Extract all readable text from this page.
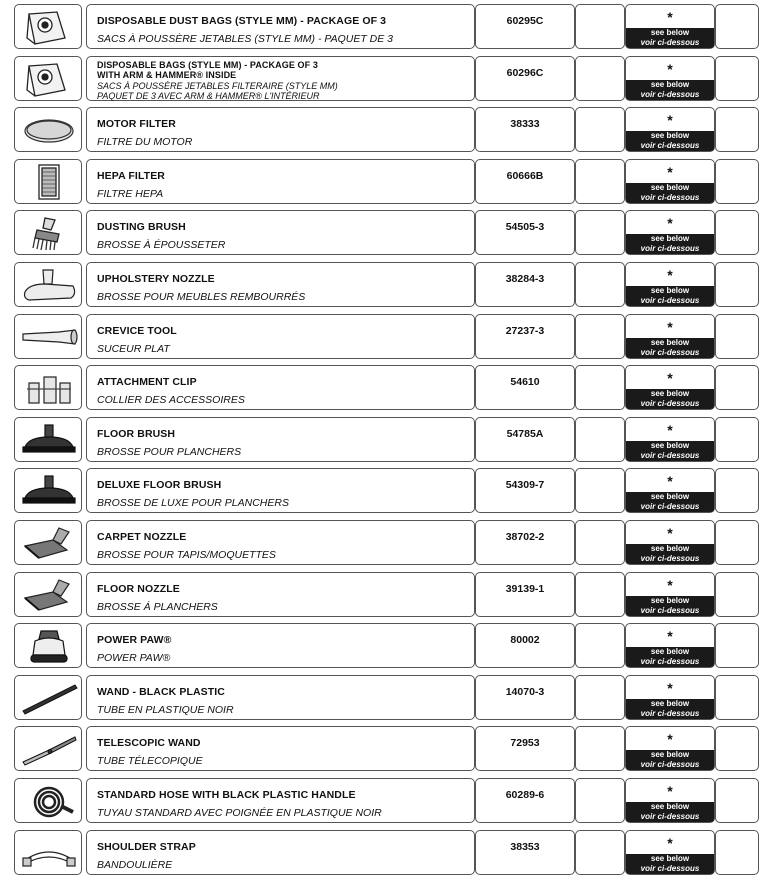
DISPOSABLE DUST BAGS (STYLE MM) - PACKAGE OF 3
SACS À POUSSÈRE JETABLES (STYLE MM) - PAQUET DE 3
60295C	*
see below
voir ci-dessous
DISPOSABLE BAGS (STYLE MM) - PACKAGE OF 3
WITH ARM & HAMMER® INSIDE
SACS À POUSSÈRE JETABLES FILTERAIRE (STYLE MM)
PAQUET DE 3 AVEC ARM & HAMMER® L'INTÉRIEUR
60296C	*
see below
voir ci-dessous
MOTOR FILTER
FILTRE DU MOTOR
38333	*
see below
voir ci-dessous
HEPA FILTER
FILTRE HEPA
60666B	*
see below
voir ci-dessous
DUSTING BRUSH
BROSSE À ÉPOUSSETER
54505-3	*
see below
voir ci-dessous
UPHOLSTERY NOZZLE
BROSSE POUR MEUBLES REMBOURRÉS
38284-3	*
see below
voir ci-dessous
CREVICE TOOL
SUCEUR PLAT
27237-3	*
see below
voir ci-dessous
ATTACHMENT CLIP
COLLIER DES ACCESSOIRES
54610	*
see below
voir ci-dessous
FLOOR BRUSH
BROSSE POUR PLANCHERS
54785A	*
see below
voir ci-dessous
DELUXE FLOOR BRUSH
BROSSE DE LUXE POUR PLANCHERS
54309-7	*
see below
voir ci-dessous
CARPET NOZZLE
BROSSE POUR TAPIS/MOQUETTES
38702-2	*
see below
voir ci-dessous
FLOOR NOZZLE
BROSSE Á PLANCHERS
39139-1	*
see below
voir ci-dessous
POWER PAW®
POWER PAW®
80002	*
see below
voir ci-dessous
WAND - BLACK PLASTIC
TUBE EN PLASTIQUE NOIR
14070-3	*
see below
voir ci-dessous
TELESCOPIC WAND
TUBE TÉLECOPIQUE
72953	*
see below
voir ci-dessous
STANDARD HOSE WITH BLACK PLASTIC HANDLE
TUYAU STANDARD AVEC POIGNÉE EN PLASTIQUE NOIR
60289-6	*
see below
voir ci-dessous
SHOULDER STRAP
BANDOULIÈRE
38353	*
see below
voir ci-dessous
